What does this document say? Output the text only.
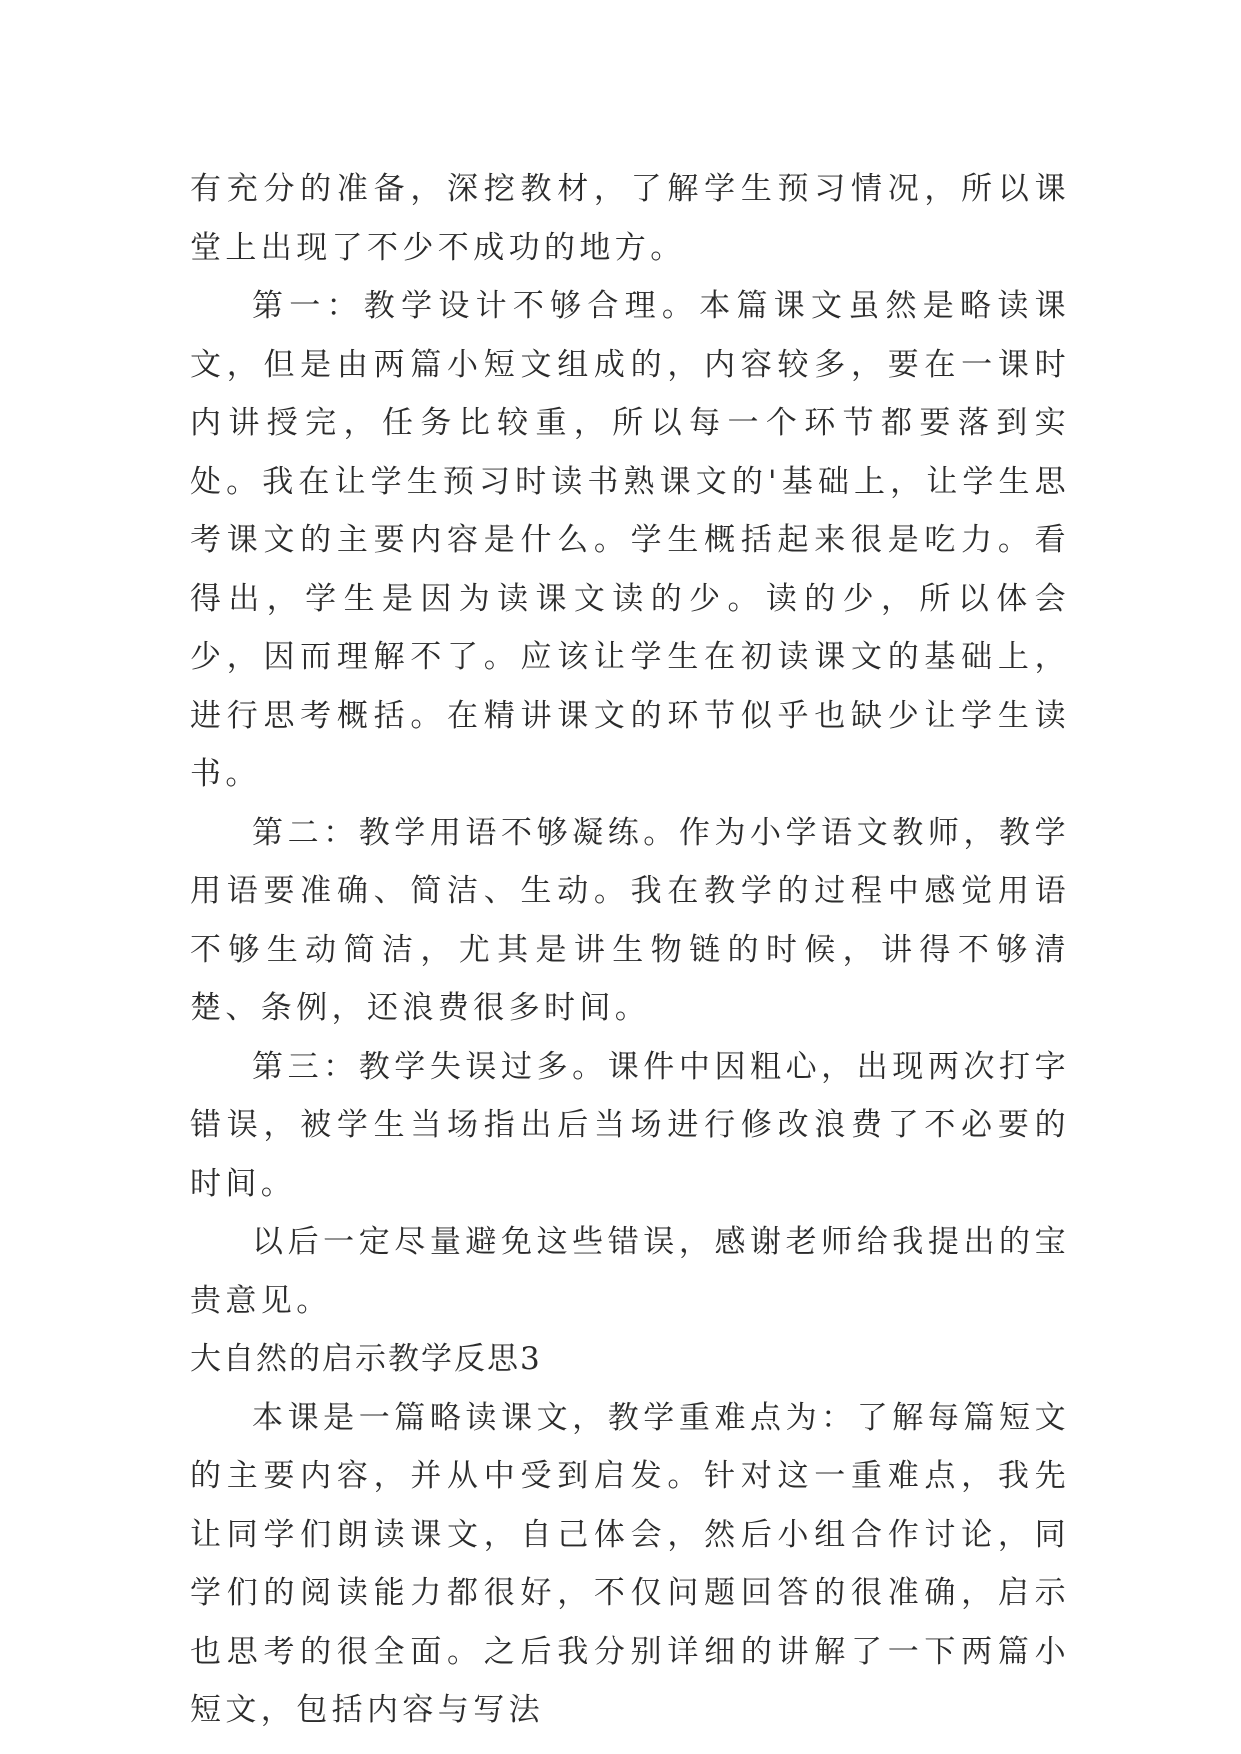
有充分的准备，深挖教材，了解学生预习情况，所以课堂上出现了不少不成功的地方。

第一：教学设计不够合理。本篇课文虽然是略读课文，但是由两篇小短文组成的，内容较多，要在一课时内讲授完，任务比较重，所以每一个环节都要落到实处。我在让学生预习时读书熟课文的'基础上，让学生思考课文的主要内容是什么。学生概括起来很是吃力。看得出，学生是因为读课文读的少。读的少，所以体会少，因而理解不了。应该让学生在初读课文的基础上，进行思考概括。在精讲课文的环节似乎也缺少让学生读书。

第二：教学用语不够凝练。作为小学语文教师，教学用语要准确、简洁、生动。我在教学的过程中感觉用语不够生动简洁，尤其是讲生物链的时候，讲得不够清楚、条例，还浪费很多时间。

第三：教学失误过多。课件中因粗心，出现两次打字错误，被学生当场指出后当场进行修改浪费了不必要的时间。

以后一定尽量避免这些错误，感谢老师给我提出的宝贵意见。

大自然的启示教学反思3

本课是一篇略读课文，教学重难点为：了解每篇短文的主要内容，并从中受到启发。针对这一重难点，我先让同学们朗读课文，自己体会，然后小组合作讨论，同学们的阅读能力都很好，不仅问题回答的很准确，启示也思考的很全面。之后我分别详细的讲解了一下两篇小短文，包括内容与写法
